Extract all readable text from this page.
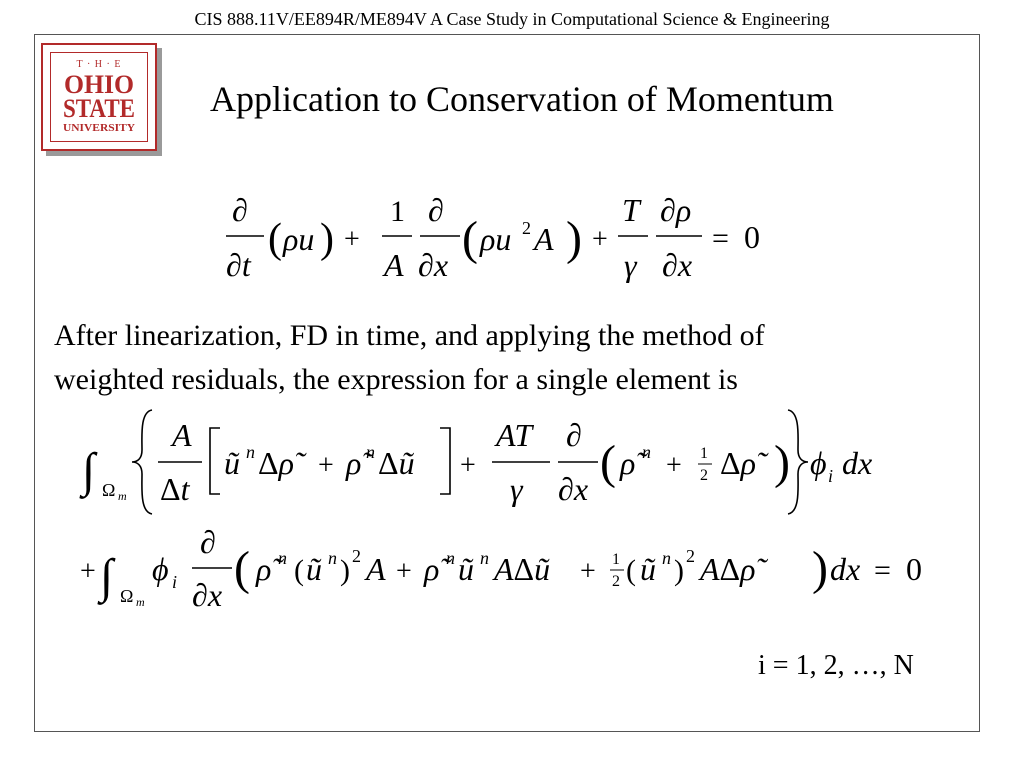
CIS 888.11V/EE894R/ME894V A Case Study in Computational Science & Engineering
T · H · E
OHIO
STATE
UNIVERSITY
Application to Conservation of Momentum
∂
∂t
( ρu ) +
1
A
∂
∂x ( ρu 2 A ) +
T
γ
∂ρ
∂x
= 0
After linearization, FD in time, and applying the method of
weighted residuals, the expression for a single element is
∫ Ω m
A
Δt
ũ n Δρ̃ + ρ̃ n Δũ +
AT
γ
∂
∂x ( ρ̃ n + 1
2 Δρ̃ ) ϕ i dx
+ ∫ Ω m
ϕ i
∂
∂x ( ρ̃ n ( ũ n ) 2 A + ρ̃ n ũ n AΔũ + 1
2 ( ũ n ) 2 AΔρ̃ ) dx = 0
i = 1, 2, …, N
